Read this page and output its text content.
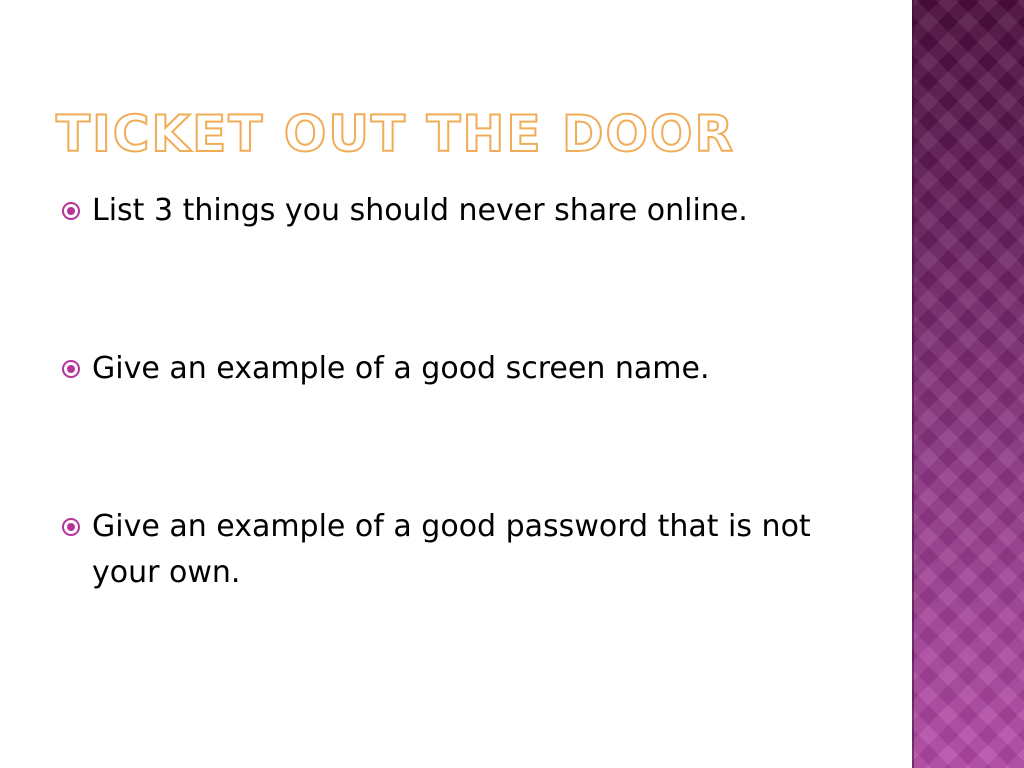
TICKET OUT THE DOOR
List 3 things you should never share online.
Give an example of a good screen name.
Give an example of a good password that is not your own.
